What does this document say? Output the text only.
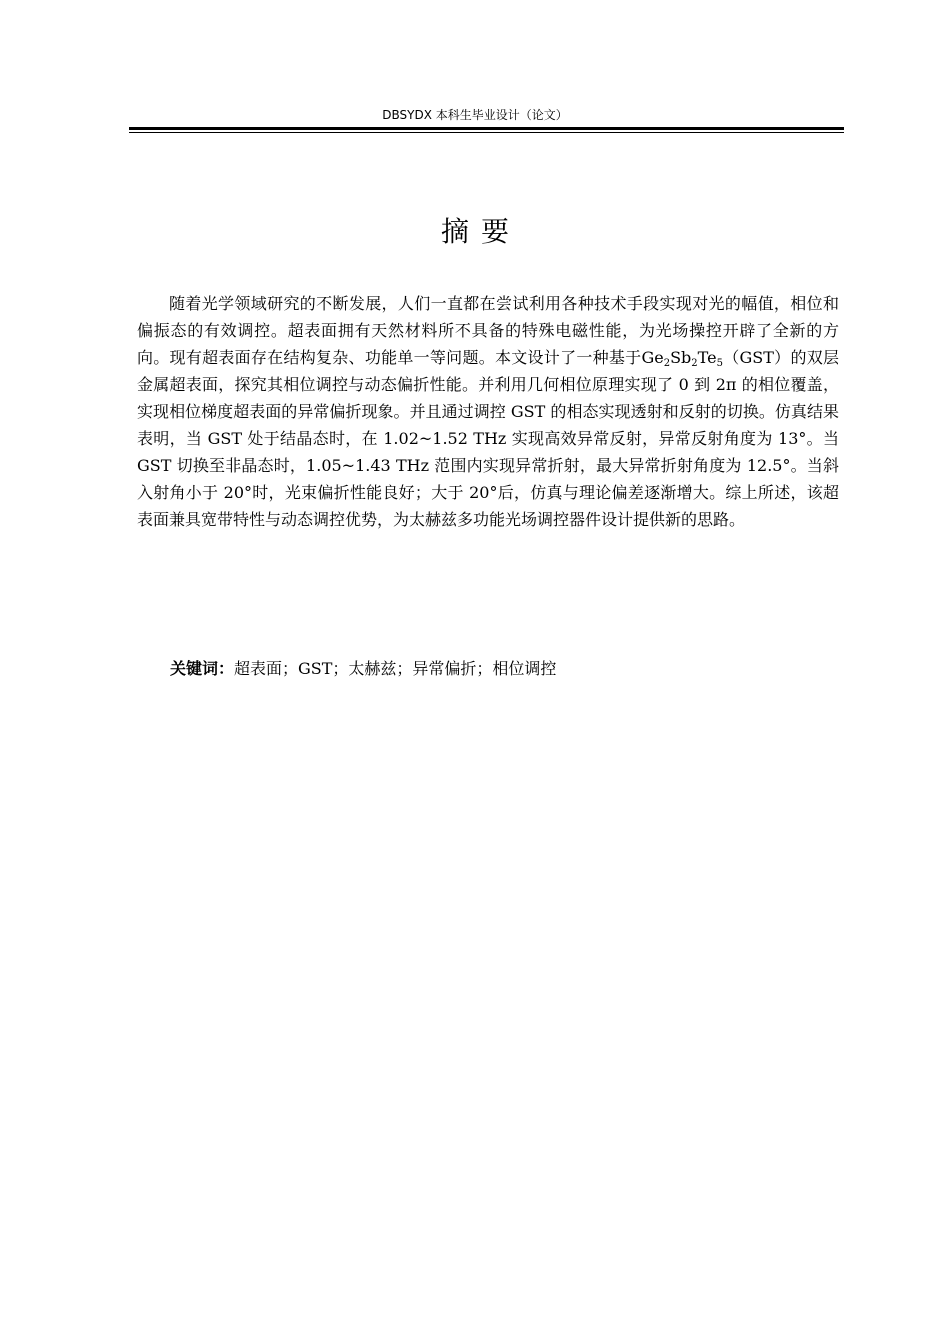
DBSYDX 本科生毕业设计（论文）
摘要

随着光学领域研究的不断发展，人们一直都在尝试利用各种技术手段实现对光的幅值，相位和偏振态的有效调控。超表面拥有天然材料所不具备的特殊电磁性能，为光场操控开辟了全新的方向。现有超表面存在结构复杂、功能单一等问题。本文设计了一种基于$Ge_2Sb_2Te_5(GST)$的双层金属超表面，探究其相位调控与动态偏折性能。并利用几何相位原理实现了 0 到 2π 的相位覆盖，实现相位梯度超表面的异常偏折现象。并且通过调控 GST 的相态实现透射和反射的切换。仿真结果表明，当 GST 处于结晶态时，在 1.02~1.52 THz 实现高效异常反射，异常反射角度为 13°。当 GST 切换至非晶态时，1.05~1.43 THz 范围内实现异常折射，最大异常折射角度为 12.5°。当斜入射角小于 20°时，光束偏折性能良好；大于 20°后，仿真与理论偏差逐渐增大。综上所述，该超表面兼具宽带特性与动态调控优势，为太赫兹多功能光场调控器件设计提供新的思路。

关键词：超表面；GST；太赫兹；异常偏折；相位调控
